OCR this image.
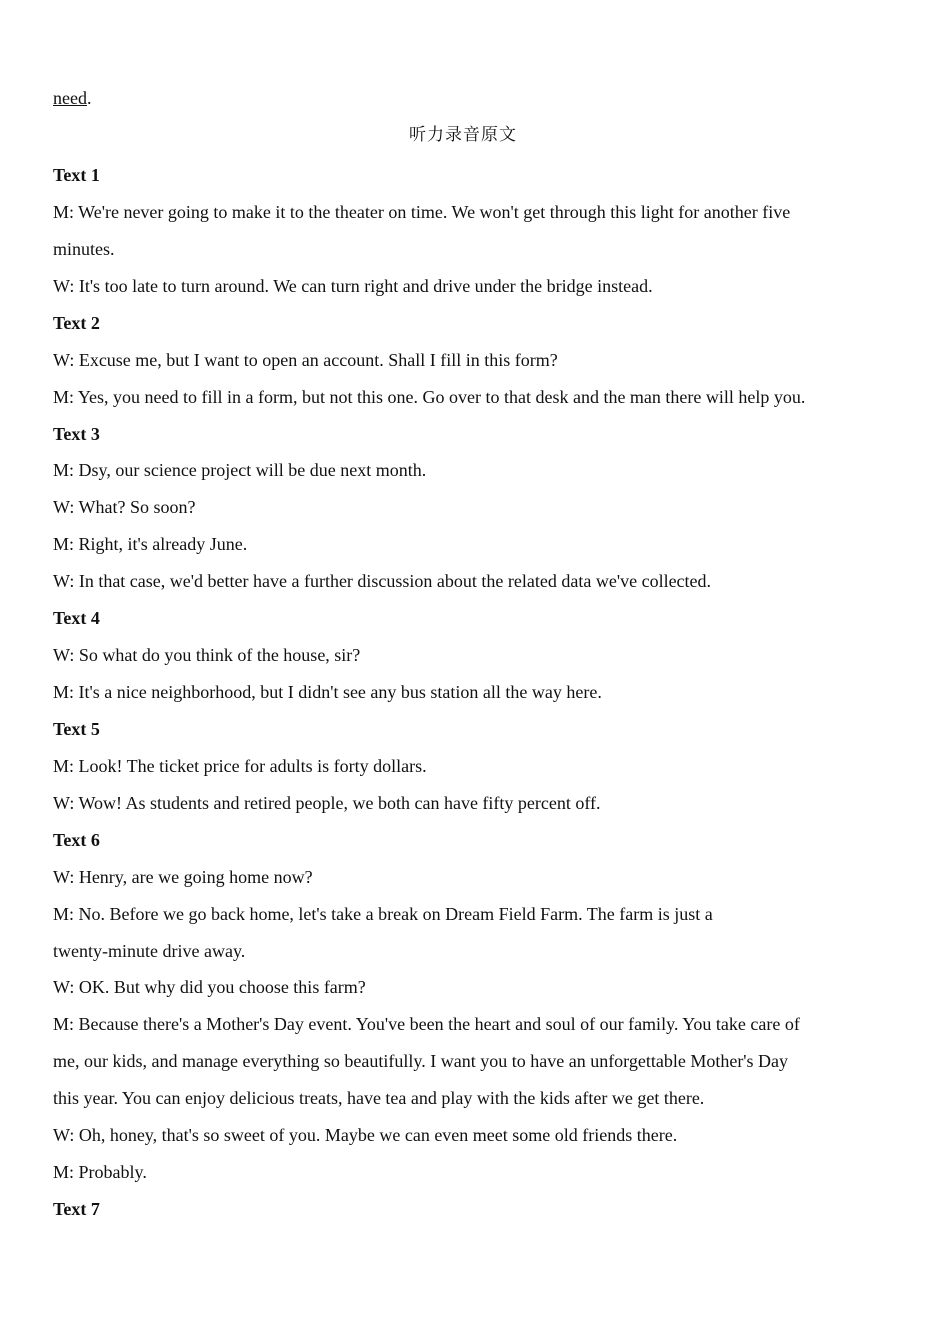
need.
听力录音原文
Text 1
M: We're never going to make it to the theater on time. We won't get through this light for another five
minutes.
W: It's too late to turn around. We can turn right and drive under the bridge instead.
Text 2
W: Excuse me, but I want to open an account. Shall I fill in this form?
M: Yes, you need to fill in a form, but not this one. Go over to that desk and the man there will help you.
Text 3
M: Dsy, our science project will be due next month.
W: What? So soon?
M: Right, it's already June.
W: In that case, we'd better have a further discussion about the related data we've collected.
Text 4
W: So what do you think of the house, sir?
M: It's a nice neighborhood, but I didn't see any bus station all the way here.
Text 5
M: Look! The ticket price for adults is forty dollars.
W: Wow! As students and retired people, we both can have fifty percent off.
Text 6
W: Henry, are we going home now?
M: No. Before we go back home, let's take a break on Dream Field Farm. The farm is just a
twenty-minute drive away.
W: OK. But why did you choose this farm?
M: Because there's a Mother's Day event. You've been the heart and soul of our family. You take care of
me, our kids, and manage everything so beautifully. I want you to have an unforgettable Mother's Day
this year. You can enjoy delicious treats, have tea and play with the kids after we get there.
W: Oh, honey, that's so sweet of you. Maybe we can even meet some old friends there.
M: Probably.
Text 7
